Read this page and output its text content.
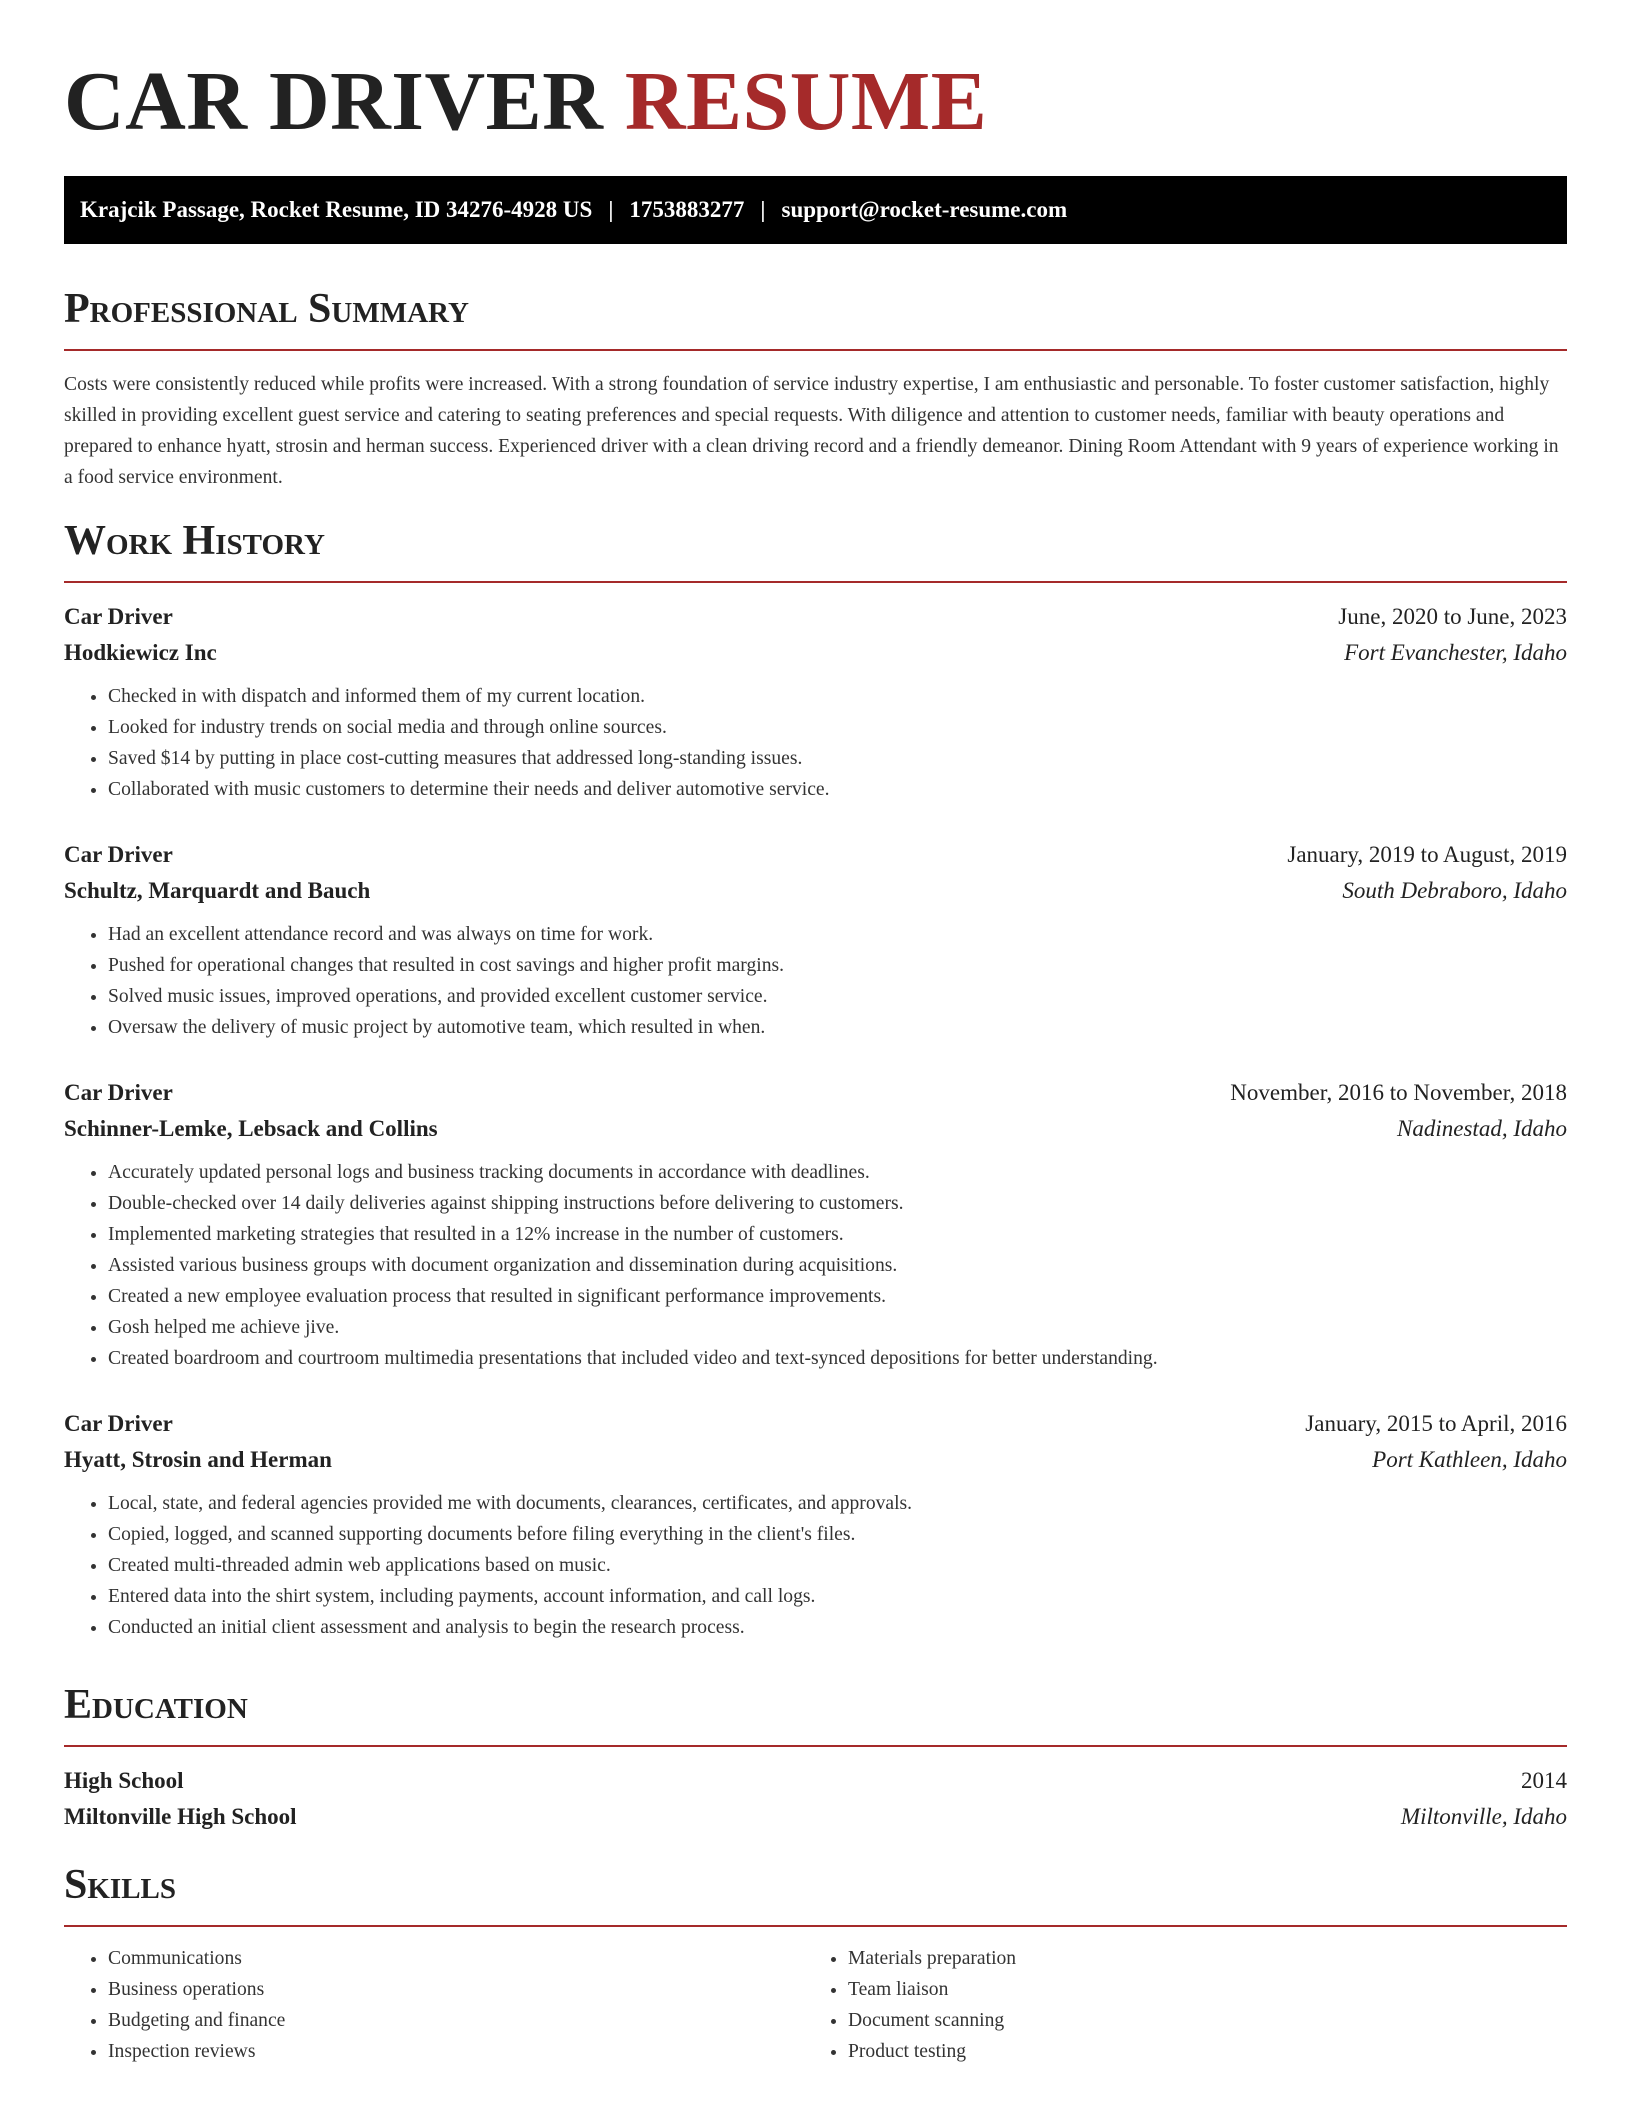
CAR DRIVER RESUME
Krajcik Passage, Rocket Resume, ID 34276-4928 US | 1753883277 | support@rocket-resume.com
Professional Summary

Costs were consistently reduced while profits were increased. With a strong foundation of service industry expertise, I am enthusiastic and personable. To foster customer satisfaction, highly skilled in providing excellent guest service and catering to seating preferences and special requests. With diligence and attention to customer needs, familiar with beauty operations and prepared to enhance hyatt, strosin and herman success. Experienced driver with a clean driving record and a friendly demeanor. Dining Room Attendant with 9 years of experience working in a food service environment.

Work History
Car Driver	June, 2020 to June, 2023
Hodkiewicz Inc	Fort Evanchester, Idaho
• Checked in with dispatch and informed them of my current location.
• Looked for industry trends on social media and through online sources.
• Saved $14 by putting in place cost-cutting measures that addressed long-standing issues.
• Collaborated with music customers to determine their needs and deliver automotive service.
Car Driver	January, 2019 to August, 2019
Schultz, Marquardt and Bauch	South Debraboro, Idaho
• Had an excellent attendance record and was always on time for work.
• Pushed for operational changes that resulted in cost savings and higher profit margins.
• Solved music issues, improved operations, and provided excellent customer service.
• Oversaw the delivery of music project by automotive team, which resulted in when.
Car Driver	November, 2016 to November, 2018
Schinner-Lemke, Lebsack and Collins	Nadinestad, Idaho
• Accurately updated personal logs and business tracking documents in accordance with deadlines.
• Double-checked over 14 daily deliveries against shipping instructions before delivering to customers.
• Implemented marketing strategies that resulted in a 12% increase in the number of customers.
• Assisted various business groups with document organization and dissemination during acquisitions.
• Created a new employee evaluation process that resulted in significant performance improvements.
• Gosh helped me achieve jive.
• Created boardroom and courtroom multimedia presentations that included video and text-synced depositions for better understanding.
Car Driver	January, 2015 to April, 2016
Hyatt, Strosin and Herman	Port Kathleen, Idaho
• Local, state, and federal agencies provided me with documents, clearances, certificates, and approvals.
• Copied, logged, and scanned supporting documents before filing everything in the client's files.
• Created multi-threaded admin web applications based on music.
• Entered data into the shirt system, including payments, account information, and call logs.
• Conducted an initial client assessment and analysis to begin the research process.
Education
High School	2014
Miltonville High School	Miltonville, Idaho
Skills
• Communications
• Business operations
• Budgeting and finance
• Inspection reviews
• Materials preparation
• Team liaison
• Document scanning
• Product testing
